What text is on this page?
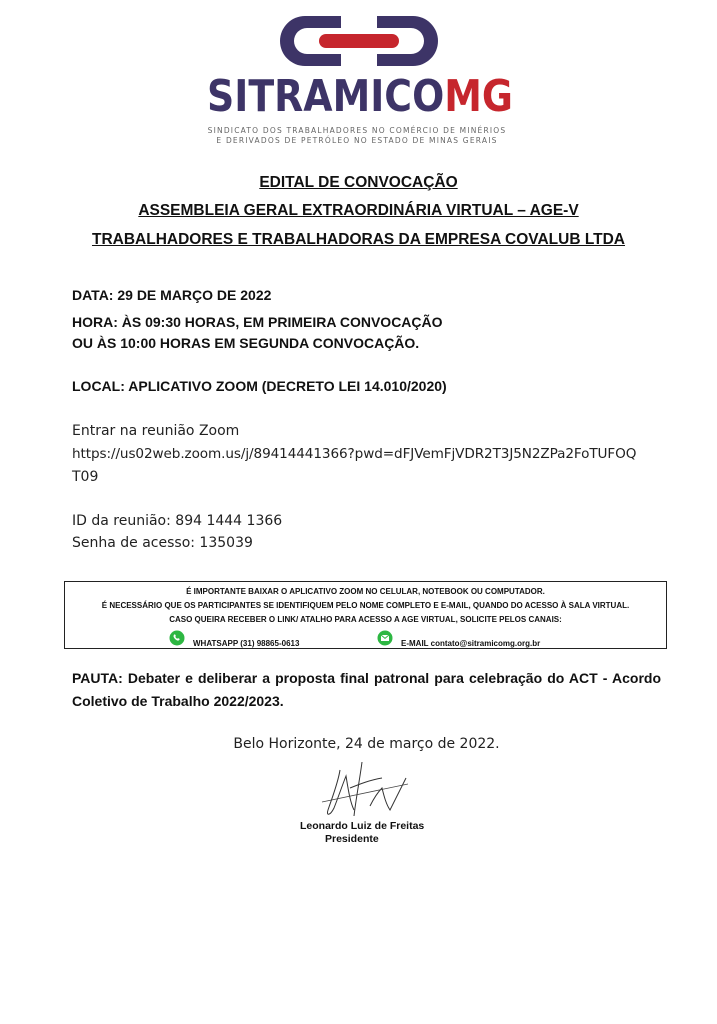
SITRAMICOMG
SINDICATO DOS TRABALHADORES NO COMÉRCIO DE MINÉRIOS
E DERIVADOS DE PETRÓLEO NO ESTADO DE MINAS GERAIS
EDITAL DE CONVOCAÇÃO
ASSEMBLEIA GERAL EXTRAORDINÁRIA VIRTUAL – AGE-V
TRABALHADORES E TRABALHADORAS DA EMPRESA COVALUB LTDA
DATA: 29 DE MARÇO DE 2022
HORA: ÀS 09:30 HORAS, EM PRIMEIRA CONVOCAÇÃO
OU ÀS 10:00 HORAS EM SEGUNDA CONVOCAÇÃO.
LOCAL: APLICATIVO ZOOM (DECRETO LEI 14.010/2020)
Entrar na reunião Zoom
https://us02web.zoom.us/j/89414441366?pwd=dFJVemFjVDR2T3J5N2ZPa2FoTUFOQ
T09
ID da reunião: 894 1444 1366
Senha de acesso: 135039
É IMPORTANTE BAIXAR O APLICATIVO ZOOM NO CELULAR, NOTEBOOK OU COMPUTADOR.
É NECESSÁRIO QUE OS PARTICIPANTES SE IDENTIFIQUEM PELO NOME COMPLETO E E-MAIL, QUANDO DO ACESSO À SALA VIRTUAL.
CASO QUEIRA RECEBER O LINK/ ATALHO PARA ACESSO A AGE VIRTUAL, SOLICITE PELOS CANAIS:
WHATSAPP (31) 98865-0613	E-MAIL contato@sitramicomg.org.br
PAUTA: Debater e deliberar a proposta final patronal para celebração do ACT - Acordo Coletivo de Trabalho 2022/2023.
Belo Horizonte, 24 de março de 2022.
Leonardo Luiz de Freitas
Presidente
